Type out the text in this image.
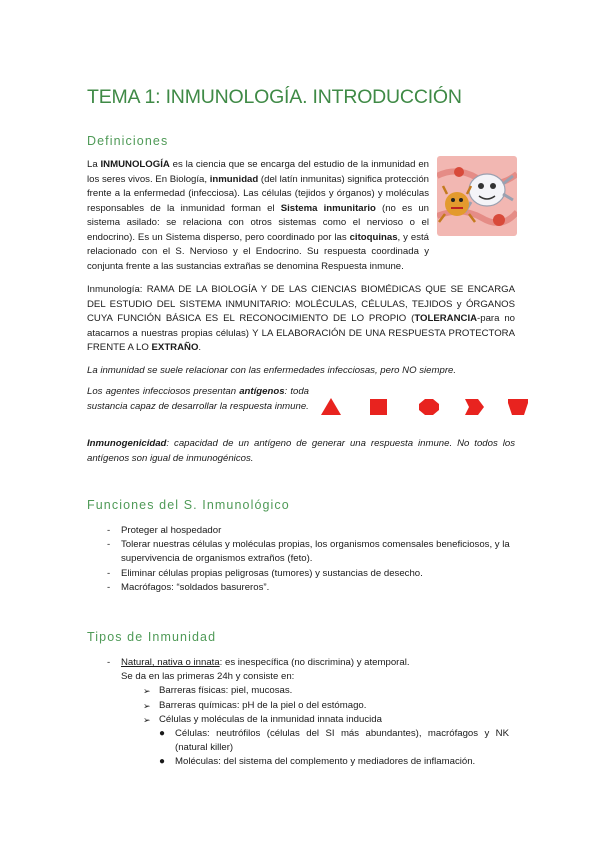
TEMA 1: INMUNOLOGÍA. INTRODUCCIÓN
Definiciones
La INMUNOLOGÍA es la ciencia que se encarga del estudio de la inmunidad en los seres vivos. En Biología, inmunidad (del latín inmunitas) significa protección frente a la enfermedad (infecciosa). Las células (tejidos y órganos) y moléculas responsables de la inmunidad forman el Sistema inmunitario (no es un sistema asilado: se relaciona con otros sistemas como el nervioso o el endocrino). Es un Sistema disperso, pero coordinado por las citoquinas, y está relacionado con el S. Nervioso y el Endocrino. Su respuesta coordinada y conjunta frente a las sustancias extrañas se denomina Respuesta inmune.
Inmunología: RAMA DE LA BIOLOGÍA Y DE LAS CIENCIAS BIOMÉDICAS QUE SE ENCARGA DEL ESTUDIO DEL SISTEMA INMUNITARIO: MOLÉCULAS, CÉLULAS, TEJIDOS y ÓRGANOS CUYA FUNCIÓN BÁSICA ES EL RECONOCIMIENTO DE LO PROPIO (TOLERANCIA-para no atacarnos a nuestras propias células) Y LA ELABORACIÓN DE UNA RESPUESTA PROTECTORA FRENTE A LO EXTRAÑO.
La inmunidad se suele relacionar con las enfermedades infecciosas, pero NO siempre.
Los agentes infecciosos presentan antígenos: toda sustancia capaz de desarrollar la respuesta inmune.
Inmunogenicidad: capacidad de un antígeno de generar una respuesta inmune. No todos los antígenos son igual de inmunogénicos.
Funciones del S. Inmunológico
- Proteger al hospedador
- Tolerar nuestras células y moléculas propias, los organismos comensales beneficiosos, y la supervivencia de organismos extraños (feto).
- Eliminar células propias peligrosas (tumores) y sustancias de desecho.
- Macrófagos: “soldados basureros”.
Tipos de Inmunidad
- Natural, nativa o innata: es inespecífica (no discrimina) y atemporal.
Se da en las primeras 24h y consiste en:
➢ Barreras físicas: piel, mucosas.
➢ Barreras químicas: pH de la piel o del estómago.
➢ Células y moléculas de la inmunidad innata inducida
● Células: neutrófilos (células del SI más abundantes), macrófagos y NK (natural killer)
● Moléculas: del sistema del complemento y mediadores de inflamación.
